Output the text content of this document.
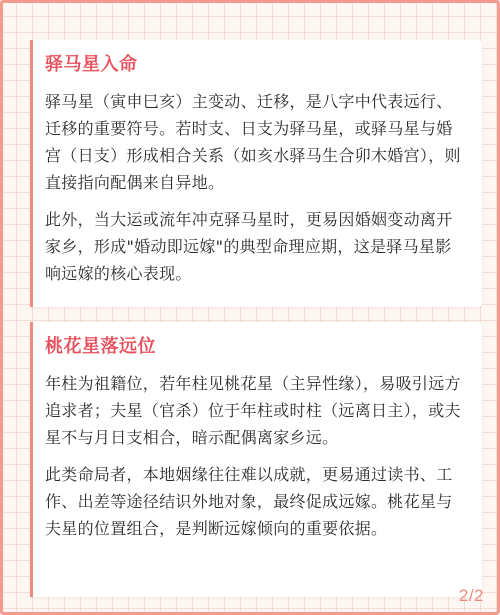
驿马星入命

驿马星（寅申巳亥）主变动、迁移，是八字中代表远行、迁移的重要符号。若时支、日支为驿马星，或驿马星与婚宫（日支）形成相合关系（如亥水驿马生合卯木婚宫），则直接指向配偶来自异地。

此外，当大运或流年冲克驿马星时，更易因婚姻变动离开家乡，形成"婚动即远嫁"的典型命理应期，这是驿马星影响远嫁的核心表现。

桃花星落远位

年柱为祖籍位，若年柱见桃花星（主异性缘），易吸引远方追求者；夫星（官杀）位于年柱或时柱（远离日主），或夫星不与月日支相合，暗示配偶离家乡远。

此类命局者，本地姻缘往往难以成就，更易通过读书、工作、出差等途径结识外地对象，最终促成远嫁。桃花星与夫星的位置组合，是判断远嫁倾向的重要依据。

2/2
